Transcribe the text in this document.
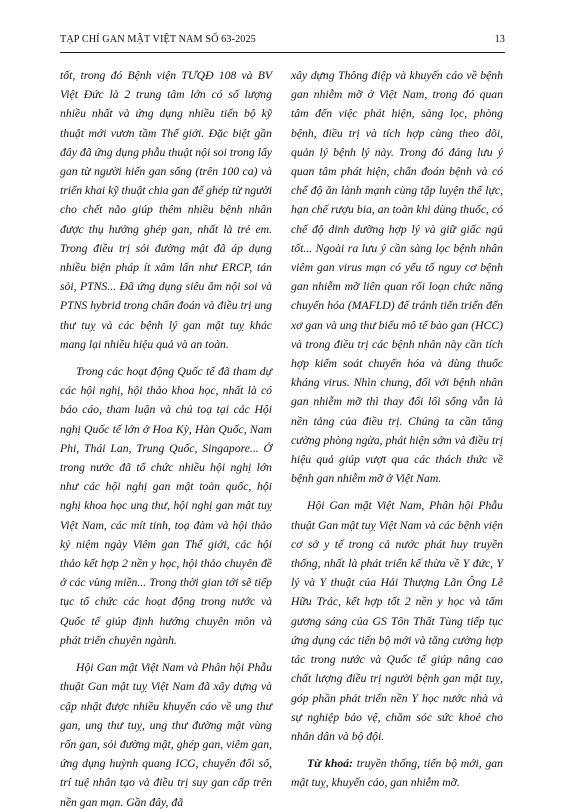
TẠP CHÍ GAN MẬT VIỆT NAM SỐ 63-2025	13

tốt, trong đó Bệnh viện TƯQĐ 108 và BV Việt Đức là 2 trung tâm lớn có số lượng nhiều nhất và ứng dụng nhiều tiến bộ kỹ thuật mới vươn tầm Thế giới. Đặc biệt gần đây đã ứng dụng phẫu thuật nội soi trong lấy gan từ người hiến gan sống (trên 100 ca) và triển khai kỹ thuật chia gan để ghép từ người cho chết não giúp thêm nhiều bệnh nhân được thụ hưởng ghép gan, nhất là trẻ em. Trong điều trị sỏi đường mật đã áp dụng nhiều biện pháp ít xâm lấn như ERCP, tán sỏi, PTNS... Đã ứng dụng siêu âm nội soi và PTNS hybrid trong chẩn đoán và điều trị ung thư tuỵ và các bệnh lý gan mật tuỵ khác mang lại nhiều hiệu quả và an toàn.

Trong các hoạt động Quốc tế đã tham dự các hội nghị, hội thảo khoa học, nhất là có báo cáo, tham luận và chủ toạ tại các Hội nghị Quốc tế lớn ở Hoa Kỳ, Hàn Quốc, Nam Phi, Thái Lan, Trung Quốc, Singapore... Ở trong nước đã tổ chức nhiều hội nghị lớn như các hội nghị gan mật toàn quốc, hội nghị khoa học ung thư, hội nghị gan mật tuỵ Việt Nam, các mít tinh, toạ đàm và hội thảo kỷ niệm ngày Viêm gan Thế giới, các hội thảo kết hợp 2 nền y học, hội thảo chuyên đề ở các vùng miền... Trong thời gian tới sẽ tiếp tục tổ chức các hoạt động trong nước và Quốc tế giúp định hướng chuyên môn và phát triển chuyên ngành.

Hội Gan mật Việt Nam và Phân hội Phẫu thuật Gan mật tuỵ Việt Nam đã xây dựng và cập nhật được nhiều khuyến cáo về ung thư gan, ung thư tuỵ, ung thư đường mật vùng rốn gan, sỏi đường mật, ghép gan, viêm gan, ứng dụng huỳnh quang ICG, chuyển đổi số, trí tuệ nhân tạo và điều trị suy gan cấp trên nền gan mạn. Gần đây, đã

xây dựng Thông điệp và khuyến cáo về bệnh gan nhiễm mỡ ở Việt Nam, trong đó quan tâm đến việc phát hiện, sàng lọc, phòng bệnh, điều trị và tích hợp cùng theo dõi, quản lý bệnh lý này. Trong đó đáng lưu ý quan tâm phát hiện, chẩn đoán bệnh và có chế độ ăn lành mạnh cùng tập luyện thể lực, hạn chế rượu bia, an toàn khi dùng thuốc, có chế độ dinh dưỡng hợp lý và giữ giấc ngủ tốt... Ngoài ra lưu ý cần sàng lọc bệnh nhân viêm gan virus mạn có yếu tố nguy cơ bệnh gan nhiễm mỡ liên quan rối loạn chức năng chuyển hóa (MAFLD) để tránh tiến triển đến xơ gan và ung thư biểu mô tế bào gan (HCC) và trong điều trị các bệnh nhân này cần tích hợp kiểm soát chuyển hóa và dùng thuốc kháng virus. Nhìn chung, đối với bệnh nhân gan nhiễm mỡ thì thay đổi lối sống vẫn là nền tảng của điều trị. Chúng ta cần tăng cường phòng ngừa, phát hiện sớm và điều trị hiệu quả giúp vượt qua các thách thức về bệnh gan nhiễm mỡ ở Việt Nam.

Hội Gan mật Việt Nam, Phân hội Phẫu thuật Gan mật tuỵ Việt Nam và các bệnh viện cơ sở y tế trong cả nước phát huy truyền thống, nhất là phát triển kế thừa về Y đức, Y lý và Y thuật của Hải Thượng Lãn Ông Lê Hữu Trác, kết hợp tốt 2 nền y học và tấm gương sáng của GS Tôn Thất Tùng tiếp tục ứng dụng các tiến bộ mới và tăng cường hợp tác trong nước và Quốc tế giúp nâng cao chất lượng điều trị người bệnh gan mật tuỵ, góp phần phát triển nền Y học nước nhà và sự nghiệp bảo vệ, chăm sóc sức khoẻ cho nhân dân và bộ đội.

Từ khoá: truyền thống, tiến bộ mới, gan mật tuỵ, khuyến cáo, gan nhiễm mỡ.
